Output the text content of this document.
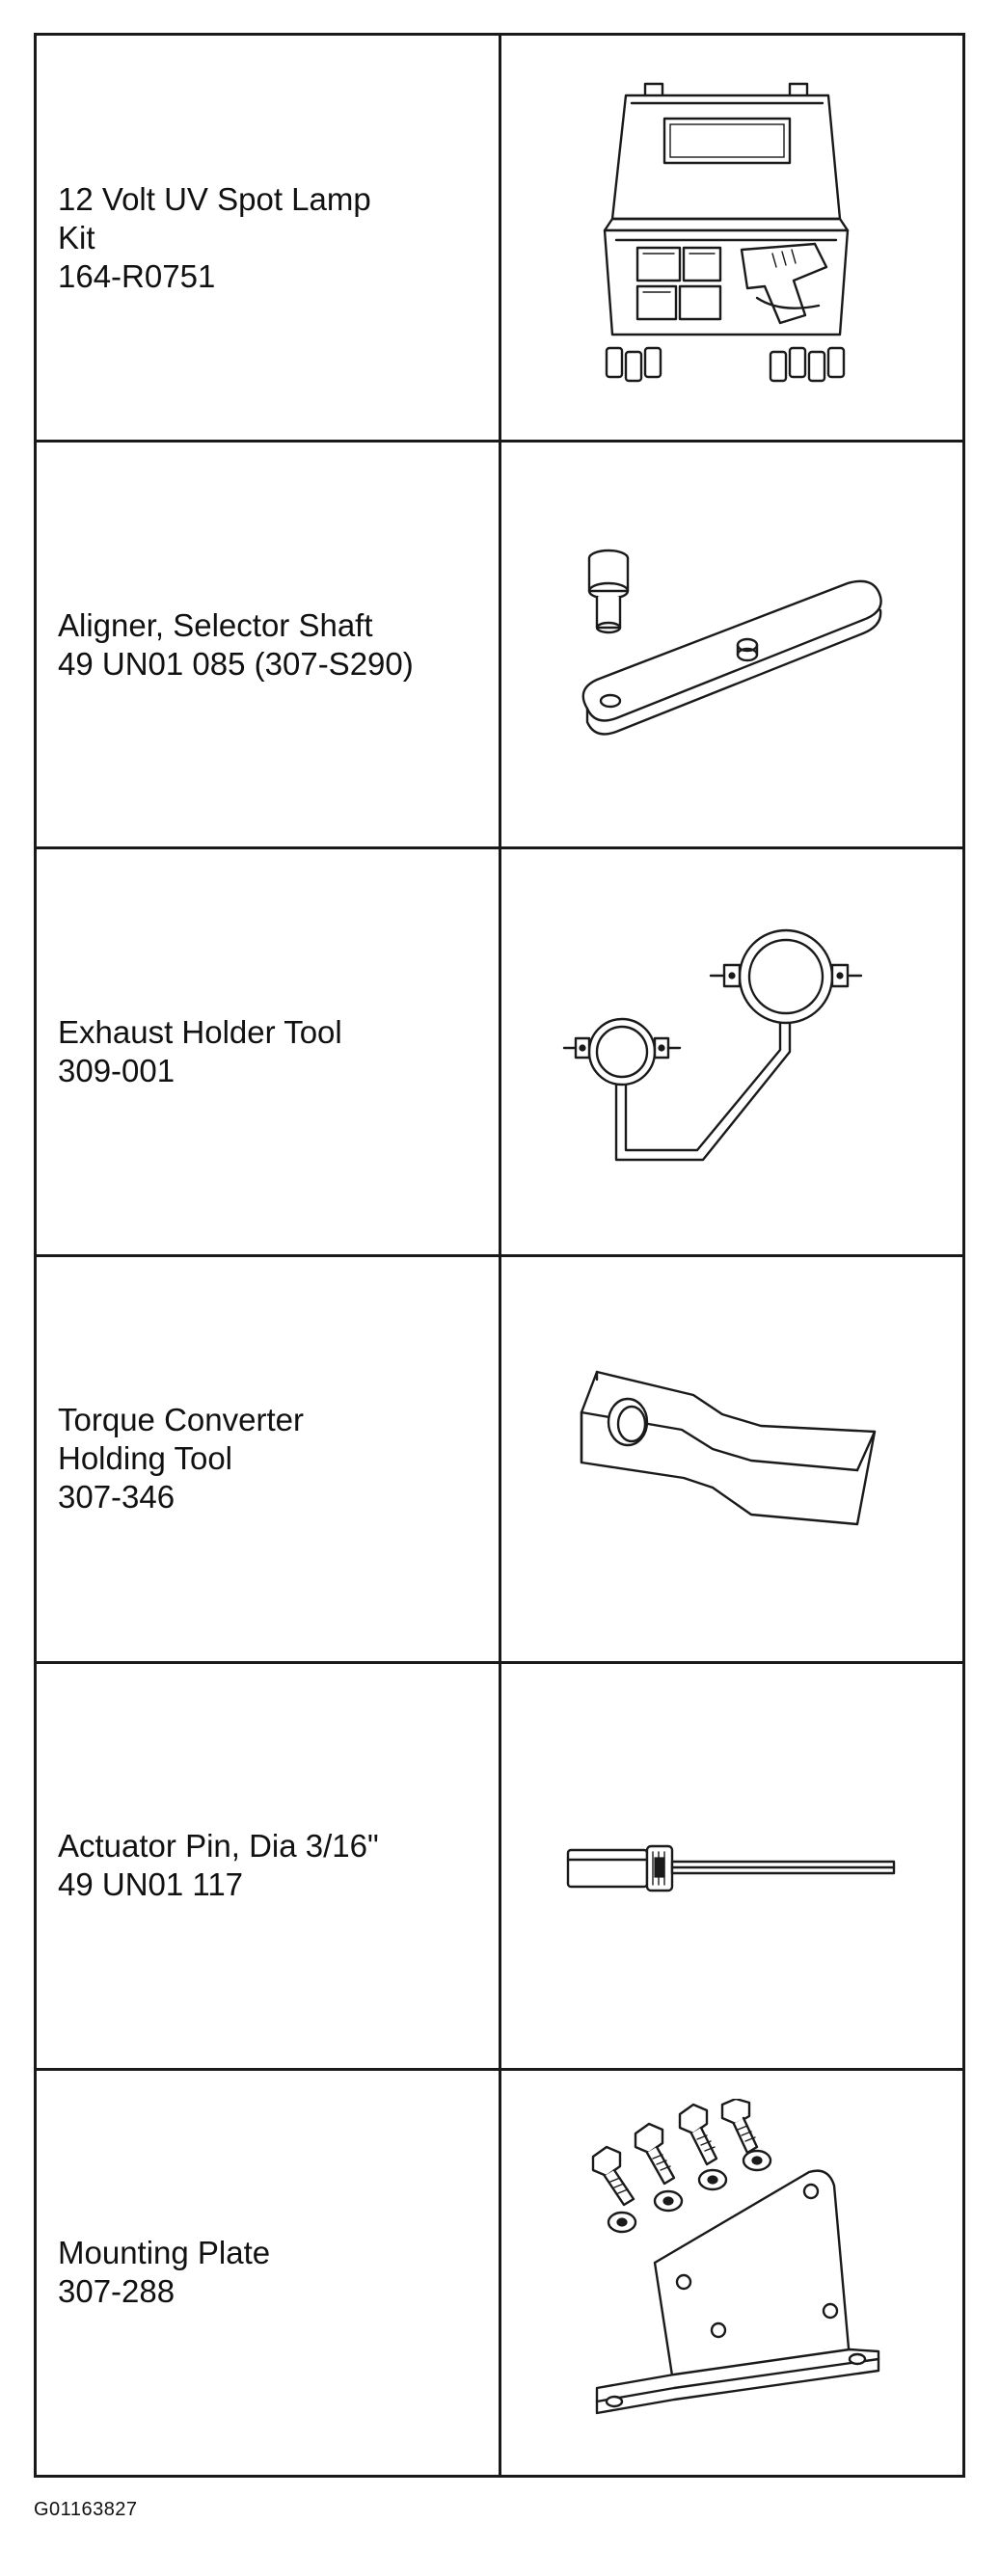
12 Volt UV Spot Lamp
Kit
164-R0751
Aligner, Selector Shaft
49 UN01 085 (307-S290)
Exhaust Holder Tool
309-001
Torque Converter
Holding Tool
307-346
Actuator Pin, Dia 3/16"
49 UN01 117
Mounting Plate
307-288
G01163827
